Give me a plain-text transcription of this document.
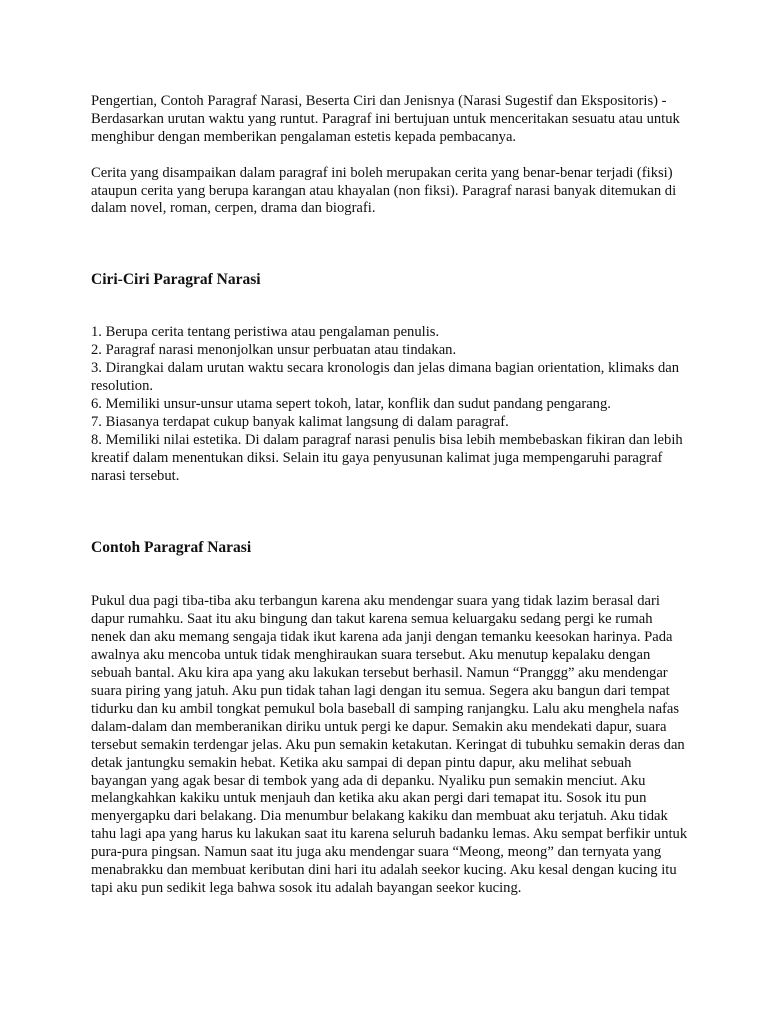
Pengertian, Contoh Paragraf Narasi, Beserta Ciri dan Jenisnya (Narasi Sugestif dan Ekspositoris) - Berdasarkan urutan waktu yang runtut. Paragraf ini bertujuan untuk menceritakan sesuatu atau untuk menghibur dengan memberikan pengalaman estetis kepada pembacanya.

Cerita yang disampaikan dalam paragraf ini boleh merupakan cerita yang benar-benar terjadi (fiksi) ataupun cerita yang berupa karangan atau khayalan (non fiksi). Paragraf narasi banyak ditemukan di dalam novel, roman, cerpen, drama dan biografi.

Ciri-Ciri Paragraf Narasi

1. Berupa cerita tentang peristiwa atau pengalaman penulis.
2. Paragraf narasi menonjolkan unsur perbuatan atau tindakan.
3. Dirangkai dalam urutan waktu secara kronologis dan jelas dimana bagian orientation, klimaks dan resolution.
6. Memiliki unsur-unsur utama sepert tokoh, latar, konflik dan sudut pandang pengarang.
7. Biasanya terdapat cukup banyak kalimat langsung di dalam paragraf.
8. Memiliki nilai estetika. Di dalam paragraf narasi penulis bisa lebih membebaskan fikiran dan lebih kreatif dalam menentukan diksi. Selain itu gaya penyusunan kalimat juga mempengaruhi paragraf narasi tersebut.

Contoh Paragraf Narasi

Pukul dua pagi tiba-tiba aku terbangun karena aku mendengar suara yang tidak lazim berasal dari dapur rumahku. Saat itu aku bingung dan takut karena semua keluargaku sedang pergi ke rumah nenek dan aku memang sengaja tidak ikut karena ada janji dengan temanku keesokan harinya. Pada awalnya aku mencoba untuk tidak menghiraukan suara tersebut. Aku menutup kepalaku dengan sebuah bantal. Aku kira apa yang aku lakukan tersebut berhasil. Namun “Pranggg” aku mendengar suara piring yang jatuh. Aku pun tidak tahan lagi dengan itu semua. Segera aku bangun dari tempat tidurku dan ku ambil tongkat pemukul bola baseball di samping ranjangku. Lalu aku menghela nafas dalam-dalam dan memberanikan diriku untuk pergi ke dapur. Semakin aku mendekati dapur, suara tersebut semakin terdengar jelas. Aku pun semakin ketakutan. Keringat di tubuhku semakin deras dan detak jantungku semakin hebat. Ketika aku sampai di depan pintu dapur, aku melihat sebuah bayangan yang agak besar di tembok yang ada di depanku. Nyaliku pun semakin menciut. Aku melangkahkan kakiku untuk menjauh dan ketika aku akan pergi dari temapat itu. Sosok itu pun menyergapku dari belakang. Dia menumbur belakang kakiku dan membuat aku terjatuh. Aku tidak tahu lagi apa yang harus ku lakukan saat itu karena seluruh badanku lemas. Aku sempat berfikir untuk pura-pura pingsan. Namun saat itu juga aku mendengar suara “Meong, meong” dan ternyata yang menabrakku dan membuat keributan dini hari itu adalah seekor kucing. Aku kesal dengan kucing itu tapi aku pun sedikit lega bahwa sosok itu adalah bayangan seekor kucing.
